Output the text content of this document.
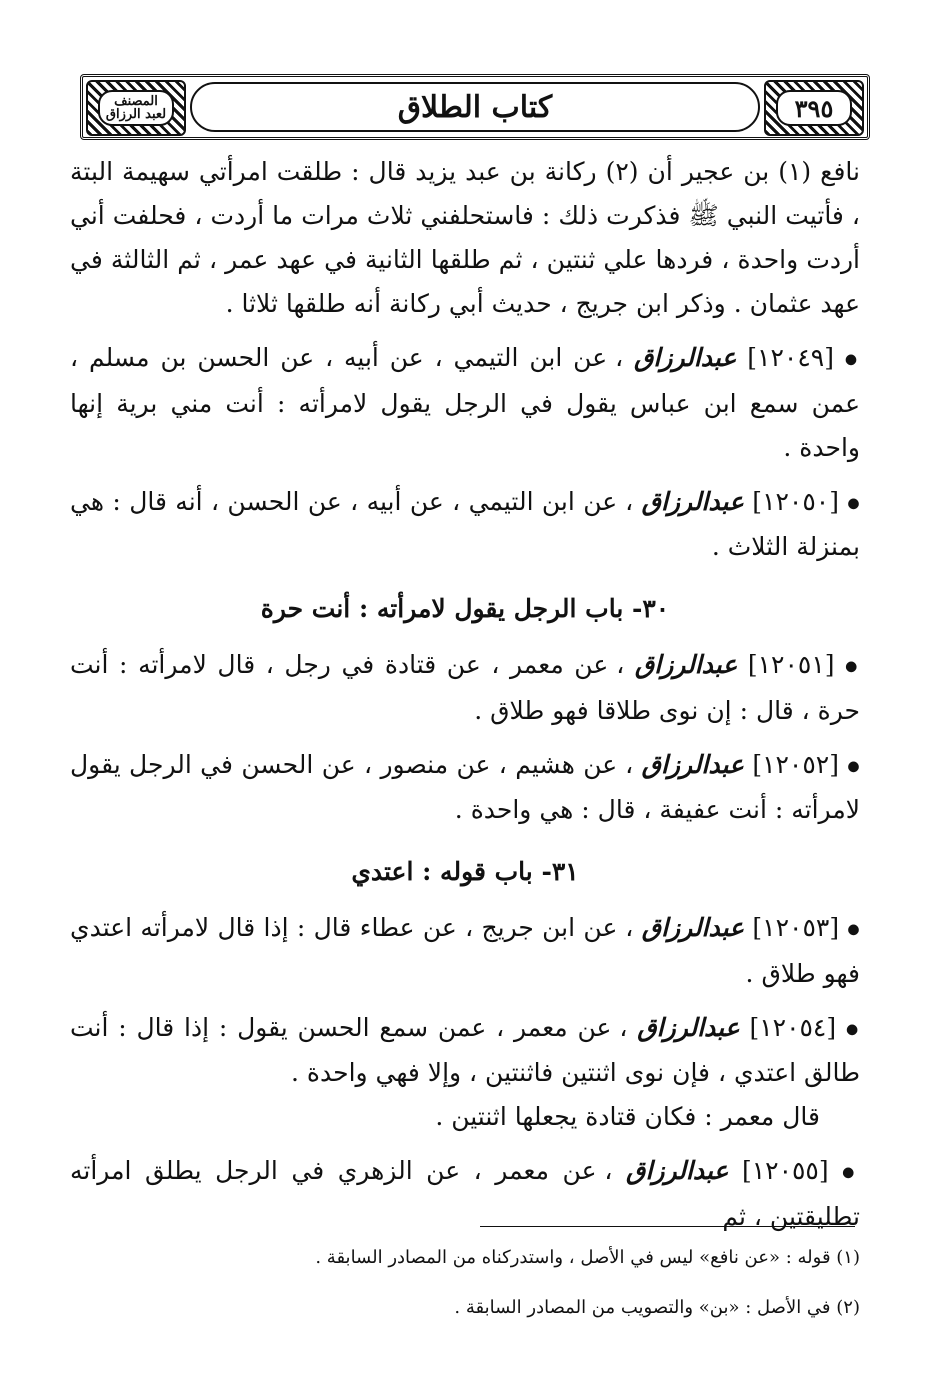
المصنف لعبد الرزاق	كتاب الطلاق	٣٩٥

نافع (١) بن عجير أن (٢) ركانة بن عبد يزيد قال : طلقت امرأتي سهيمة البتة ، فأتيت النبي ﷺ فذكرت ذلك : فاستحلفني ثلاث مرات ما أردت ، فحلفت أني أردت واحدة ، فردها علي ثنتين ، ثم طلقها الثانية في عهد عمر ، ثم الثالثة في عهد عثمان . وذكر ابن جريج ، حديث أبي ركانة أنه طلقها ثلاثا .

● [١٢٠٤٩] عبدالرزاق ، عن ابن التيمي ، عن أبيه ، عن الحسن بن مسلم ، عمن سمع ابن عباس يقول في الرجل يقول لامرأته : أنت مني برية إنها واحدة .

● [١٢٠٥٠] عبدالرزاق ، عن ابن التيمي ، عن أبيه ، عن الحسن ، أنه قال : هي بمنزلة الثلاث .

٣٠- باب الرجل يقول لامرأته : أنت حرة

● [١٢٠٥١] عبدالرزاق ، عن معمر ، عن قتادة في رجل ، قال لامرأته : أنت حرة ، قال : إن نوى طلاقا فهو طلاق .

● [١٢٠٥٢] عبدالرزاق ، عن هشيم ، عن منصور ، عن الحسن في الرجل يقول لامرأته : أنت عفيفة ، قال : هي واحدة .

٣١- باب قوله : اعتدي

● [١٢٠٥٣] عبدالرزاق ، عن ابن جريج ، عن عطاء قال : إذا قال لامرأته اعتدي فهو طلاق .

● [١٢٠٥٤] عبدالرزاق ، عن معمر ، عمن سمع الحسن يقول : إذا قال : أنت طالق اعتدي ، فإن نوى اثنتين فاثنتين ، وإلا فهي واحدة .

قال معمر : فكان قتادة يجعلها اثنتين .

● [١٢٠٥٥] عبدالرزاق ، عن معمر ، عن الزهري في الرجل يطلق امرأته تطليقتين ، ثم

(١) قوله : «عن نافع» ليس في الأصل ، واستدركناه من المصادر السابقة .

(٢) في الأصل : «بن» والتصويب من المصادر السابقة .
